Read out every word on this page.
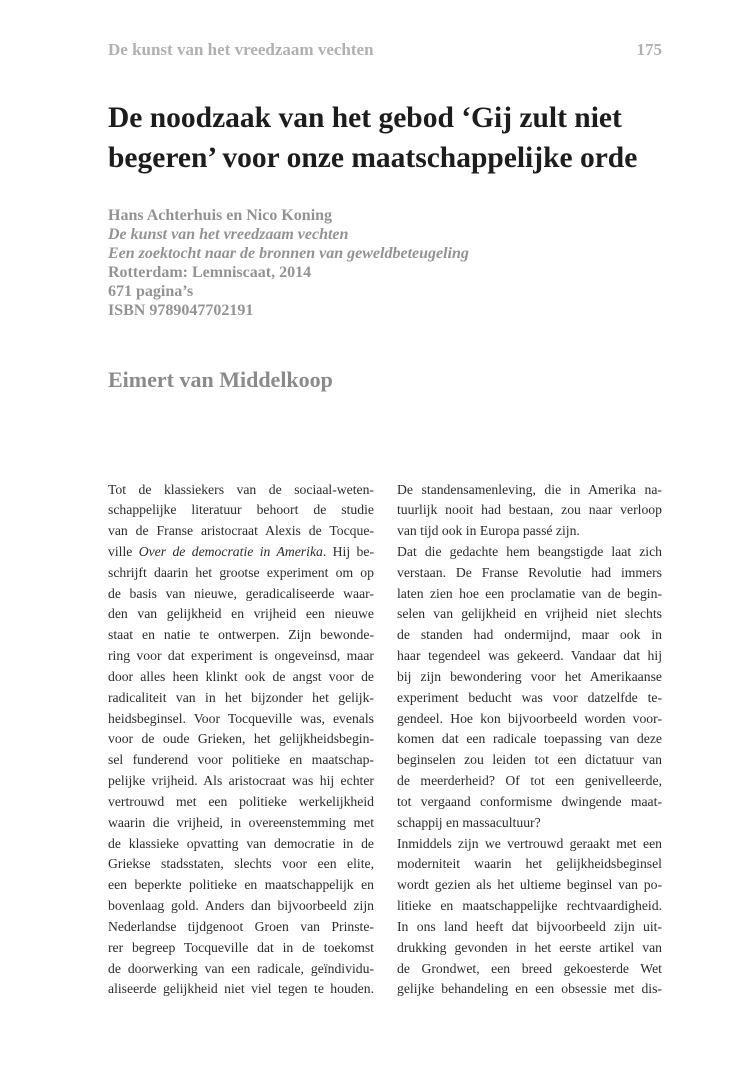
De kunst van het vreedzaam vechten	175
De noodzaak van het gebod ‘Gij zult niet
begeren’ voor onze maatschappelijke orde
Hans Achterhuis en Nico Koning
De kunst van het vreedzaam vechten
Een zoektocht naar de bronnen van geweldbeteugeling
Rotterdam: Lemniscaat, 2014
671 pagina’s
ISBN 9789047702191
Eimert van Middelkoop
Tot de klassiekers van de sociaal-weten-
schappelijke literatuur behoort de studie
van de Franse aristocraat Alexis de Tocque-
ville Over de democratie in Amerika. Hij be-
schrijft daarin het grootse experiment om op
de basis van nieuwe, geradicaliseerde waar-
den van gelijkheid en vrijheid een nieuwe
staat en natie te ontwerpen. Zijn bewonde-
ring voor dat experiment is ongeveinsd, maar
door alles heen klinkt ook de angst voor de
radicaliteit van in het bijzonder het gelijk-
heidsbeginsel. Voor Tocqueville was, evenals
voor de oude Grieken, het gelijkheidsbegin-
sel funderend voor politieke en maatschap-
pelijke vrijheid. Als aristocraat was hij echter
vertrouwd met een politieke werkelijkheid
waarin die vrijheid, in overeenstemming met
de klassieke opvatting van democratie in de
Griekse stadsstaten, slechts voor een elite,
een beperkte politieke en maatschappelijk en
bovenlaag gold. Anders dan bijvoorbeeld zijn
Nederlandse tijdgenoot Groen van Prinste-
rer begreep Tocqueville dat in de toekomst
de doorwerking van een radicale, geïndividu-
aliseerde gelijkheid niet viel tegen te houden.
De standensamenleving, die in Amerika na-
tuurlijk nooit had bestaan, zou naar verloop
van tijd ook in Europa passé zijn.
Dat die gedachte hem beangstigde laat zich
verstaan. De Franse Revolutie had immers
laten zien hoe een proclamatie van de begin-
selen van gelijkheid en vrijheid niet slechts
de standen had ondermijnd, maar ook in
haar tegendeel was gekeerd. Vandaar dat hij
bij zijn bewondering voor het Amerikaanse
experiment beducht was voor datzelfde te-
gendeel. Hoe kon bijvoorbeeld worden voor-
komen dat een radicale toepassing van deze
beginselen zou leiden tot een dictatuur van
de meerderheid? Of tot een genivelleerde,
tot vergaand conformisme dwingende maat-
schappij en massacultuur?
Inmiddels zijn we vertrouwd geraakt met een
moderniteit waarin het gelijkheidsbeginsel
wordt gezien als het ultieme beginsel van po-
litieke en maatschappelijke rechtvaardigheid.
In ons land heeft dat bijvoorbeeld zijn uit-
drukking gevonden in het eerste artikel van
de Grondwet, een breed gekoesterde Wet
gelijke behandeling en een obsessie met dis-
